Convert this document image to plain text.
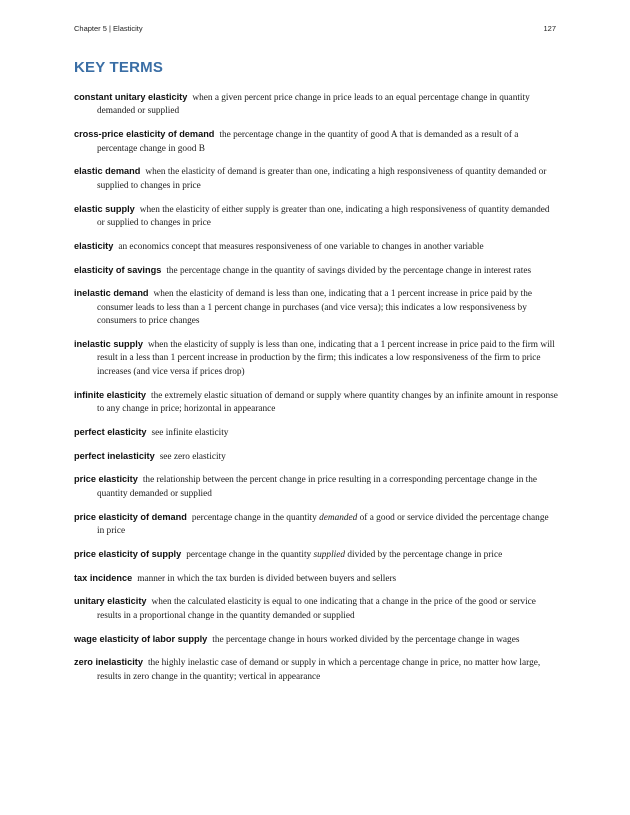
Chapter 5 | Elasticity	127
KEY TERMS
constant unitary elasticity when a given percent price change in price leads to an equal percentage change in quantity demanded or supplied
cross-price elasticity of demand the percentage change in the quantity of good A that is demanded as a result of a percentage change in good B
elastic demand when the elasticity of demand is greater than one, indicating a high responsiveness of quantity demanded or supplied to changes in price
elastic supply when the elasticity of either supply is greater than one, indicating a high responsiveness of quantity demanded or supplied to changes in price
elasticity an economics concept that measures responsiveness of one variable to changes in another variable
elasticity of savings the percentage change in the quantity of savings divided by the percentage change in interest rates
inelastic demand when the elasticity of demand is less than one, indicating that a 1 percent increase in price paid by the consumer leads to less than a 1 percent change in purchases (and vice versa); this indicates a low responsiveness by consumers to price changes
inelastic supply when the elasticity of supply is less than one, indicating that a 1 percent increase in price paid to the firm will result in a less than 1 percent increase in production by the firm; this indicates a low responsiveness of the firm to price increases (and vice versa if prices drop)
infinite elasticity the extremely elastic situation of demand or supply where quantity changes by an infinite amount in response to any change in price; horizontal in appearance
perfect elasticity see infinite elasticity
perfect inelasticity see zero elasticity
price elasticity the relationship between the percent change in price resulting in a corresponding percentage change in the quantity demanded or supplied
price elasticity of demand percentage change in the quantity demanded of a good or service divided the percentage change in price
price elasticity of supply percentage change in the quantity supplied divided by the percentage change in price
tax incidence manner in which the tax burden is divided between buyers and sellers
unitary elasticity when the calculated elasticity is equal to one indicating that a change in the price of the good or service results in a proportional change in the quantity demanded or supplied
wage elasticity of labor supply the percentage change in hours worked divided by the percentage change in wages
zero inelasticity the highly inelastic case of demand or supply in which a percentage change in price, no matter how large, results in zero change in the quantity; vertical in appearance
